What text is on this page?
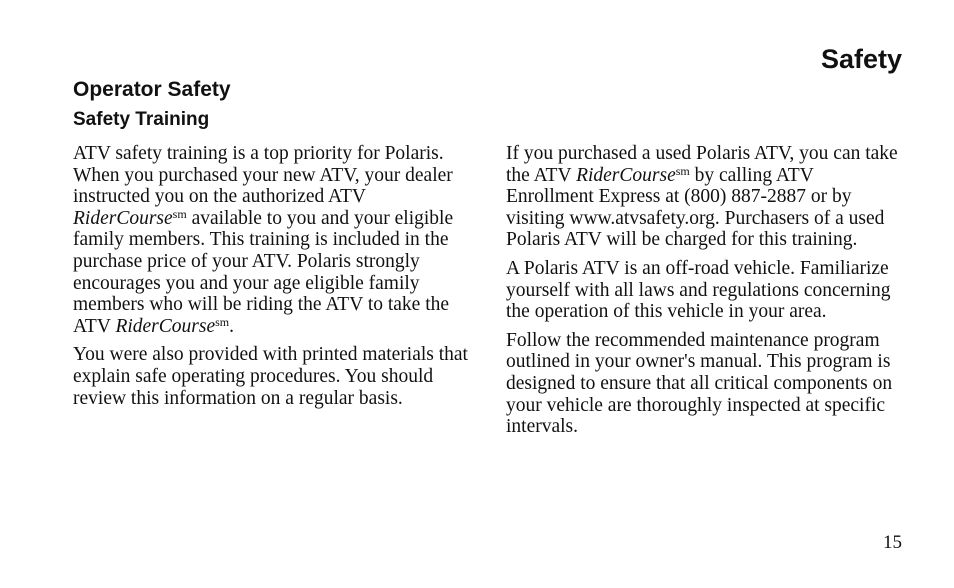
Safety
Operator Safety
Safety Training

ATV safety training is a top priority for Polaris. When you purchased your new ATV, your dealer instructed you on the authorized ATV RiderCourse$^{sm}$ available to you and your eligible family members. This training is included in the purchase price of your ATV. Polaris strongly encourages you and your age eligible family members who will be riding the ATV to take the ATV RiderCourse$^{sm}$.

You were also provided with printed materials that explain safe operating procedures. You should review this information on a regular basis.

If you purchased a used Polaris ATV, you can take the ATV RiderCourse$^{sm}$ by calling ATV Enrollment Express at (800) 887-2887 or by visiting www.atvsafety.org. Purchasers of a used Polaris ATV will be charged for this training.

A Polaris ATV is an off-road vehicle. Familiarize yourself with all laws and regulations concerning the operation of this vehicle in your area.

Follow the recommended maintenance program outlined in your owner's manual. This program is designed to ensure that all critical components on your vehicle are thoroughly inspected at specific intervals.

15
